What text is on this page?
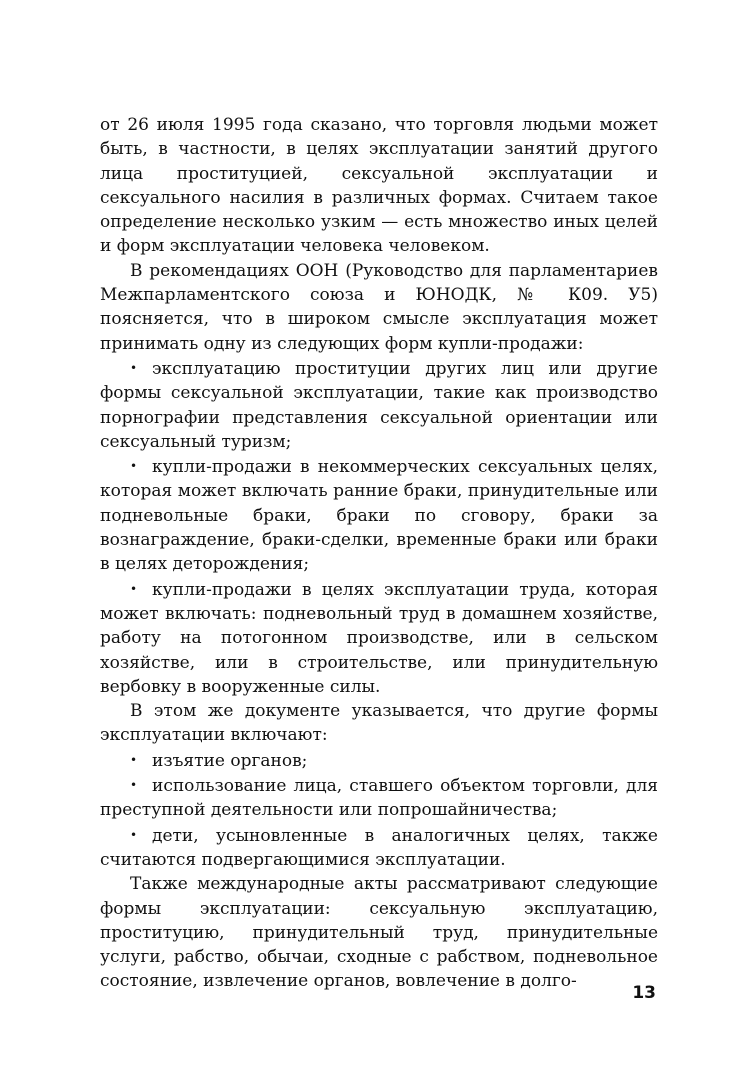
от 26 июля 1995 года сказано, что торговля людьми может быть, в частности, в целях эксплуатации занятий другого лица проституцией, сексуальной эксплуатации и сексуального насилия в различных формах. Считаем такое определение несколько узким — есть множество иных целей и форм эксплуатации человека человеком.

В рекомендациях ООН (Руководство для парламентариев Межпарламентского союза и ЮНОДК, № К09. У5) поясняется, что в широком смысле эксплуатация может принимать одну из следующих форм купли-продажи:

• эксплуатацию проституции других лиц или другие формы сексуальной эксплуатации, такие как производство порнографии представления сексуальной ориентации или сексуальный туризм;

• купли-продажи в некоммерческих сексуальных целях, которая может включать ранние браки, принудительные или подневольные браки, браки по сговору, браки за вознаграждение, браки-сделки, временные браки или браки в целях деторождения;

• купли-продажи в целях эксплуатации труда, которая может включать: подневольный труд в домашнем хозяйстве, работу на потогонном производстве, или в сельском хозяйстве, или в строительстве, или принудительную вербовку в вооруженные силы.

В этом же документе указывается, что другие формы эксплуатации включают:

• изъятие органов;

• использование лица, ставшего объектом торговли, для преступной деятельности или попрошайничества;

• дети, усыновленные в аналогичных целях, также считаются подвергающимися эксплуатации.

Также международные акты рассматривают следующие формы эксплуатации: сексуальную эксплуатацию, проституцию, принудительный труд, принудительные услуги, рабство, обычаи, сходные с рабством, подневольное состояние, извлечение органов, вовлечение в долго-

13
